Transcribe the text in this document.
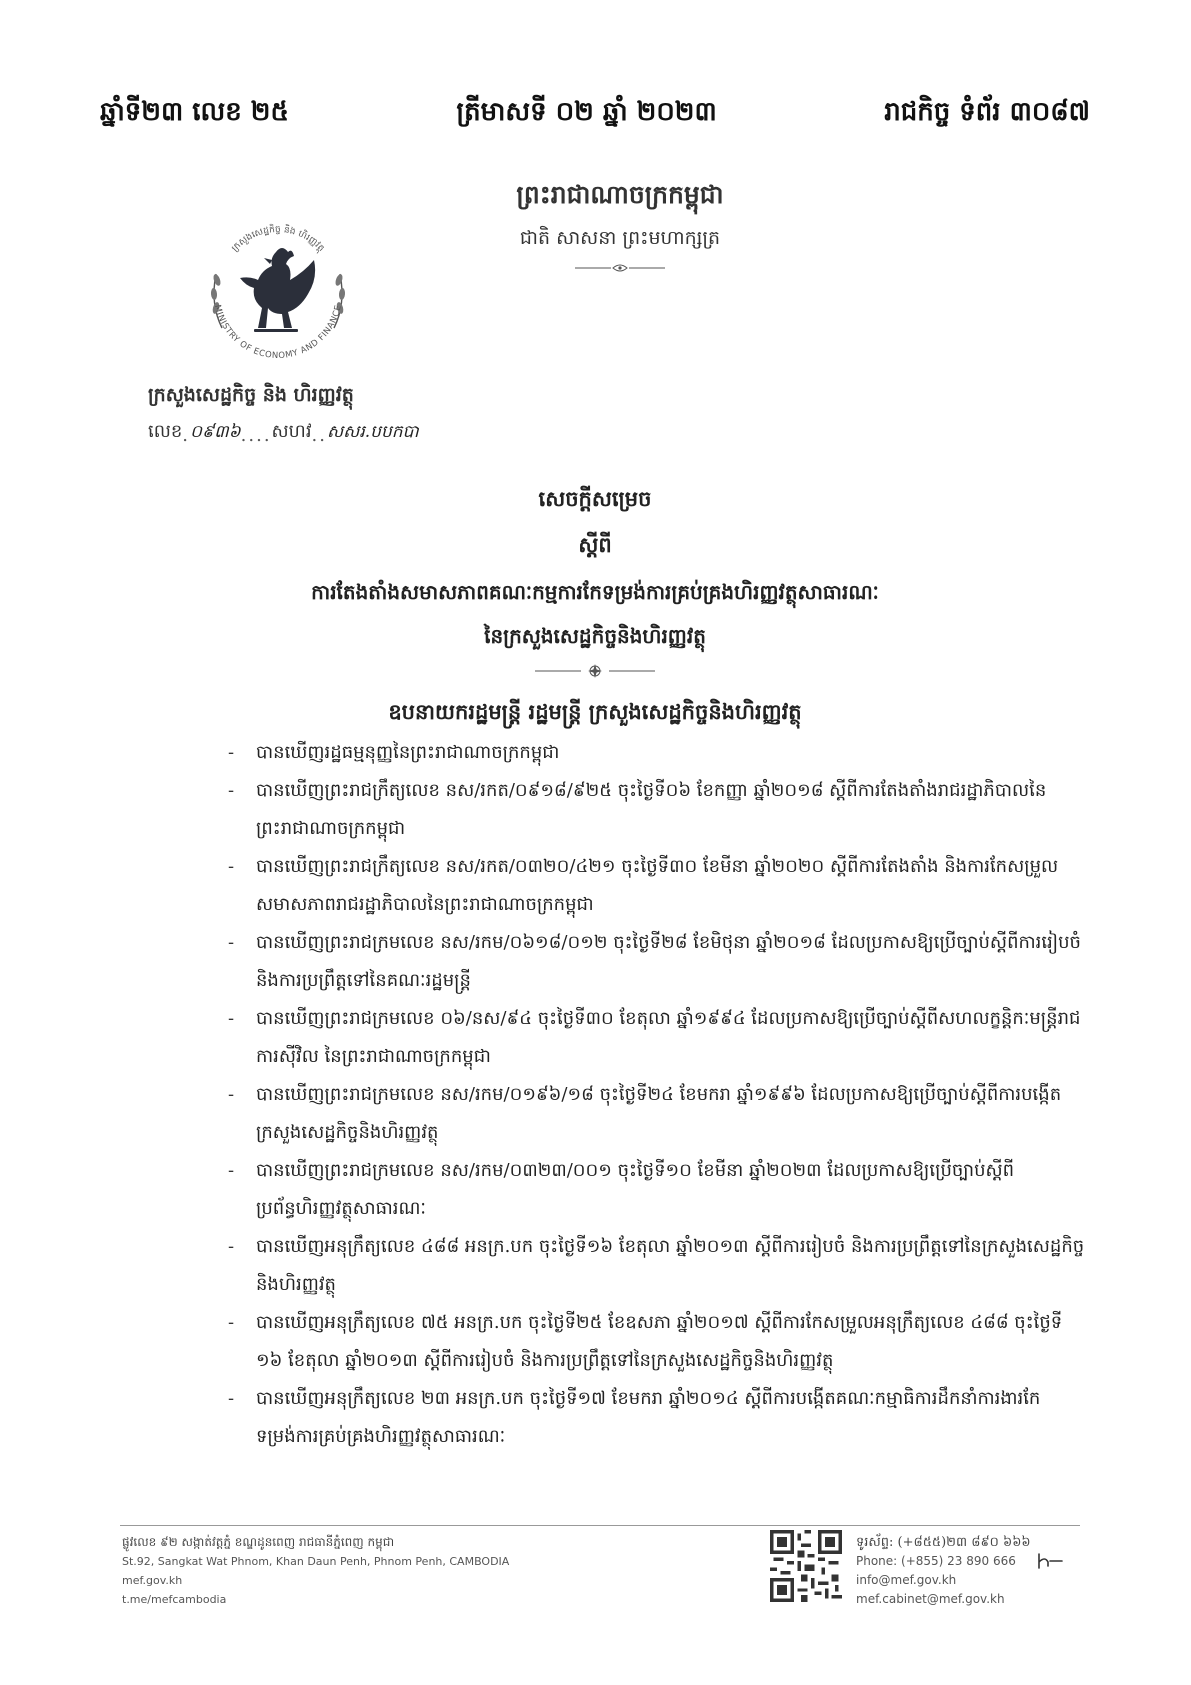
ឆ្នាំទី២៣ លេខ ២៥	ត្រីមាសទី ០២ ឆ្នាំ ២០២៣	រាជកិច្ច ទំព័រ ៣០៨៧
ព្រះរាជាណាចក្រកម្ពុជា
ជាតិ សាសនា ព្រះមហាក្សត្រ
MINISTRY OF ECONOMY AND FINANCE
ក្រសួងសេដ្ឋកិច្ច និង ហិរញ្ញវត្ថុ
ក្រសួងសេដ្ឋកិច្ច និង ហិរញ្ញវត្ថុ
លេខ . ០៩៣៦ .... សហវ .. សសរ.បបកបា
សេចក្តីសម្រេច
ស្តីពី
ការតែងតាំងសមាសភាពគណៈកម្មការកែទម្រង់ការគ្រប់គ្រងហិរញ្ញវត្ថុសាធារណៈ
នៃក្រសួងសេដ្ឋកិច្ចនិងហិរញ្ញវត្ថុ
ឧបនាយករដ្ឋមន្ត្រី រដ្ឋមន្ត្រី ក្រសួងសេដ្ឋកិច្ចនិងហិរញ្ញវត្ថុ
- បានឃើញរដ្ឋធម្មនុញ្ញនៃព្រះរាជាណាចក្រកម្ពុជា
- បានឃើញព្រះរាជក្រឹត្យលេខ នស/រកត/០៩១៨/៩២៥ ចុះថ្ងៃទី០៦ ខែកញ្ញា ឆ្នាំ២០១៨ ស្តីពីការតែងតាំងរាជរដ្ឋាភិបាលនៃព្រះរាជាណាចក្រកម្ពុជា
- បានឃើញព្រះរាជក្រឹត្យលេខ នស/រកត/០៣២០/៤២១ ចុះថ្ងៃទី៣០ ខែមីនា ឆ្នាំ២០២០ ស្តីពីការតែងតាំង និងការកែសម្រួលសមាសភាពរាជរដ្ឋាភិបាលនៃព្រះរាជាណាចក្រកម្ពុជា
- បានឃើញព្រះរាជក្រមលេខ នស/រកម/០៦១៨/០១២ ចុះថ្ងៃទី២៨ ខែមិថុនា ឆ្នាំ២០១៨ ដែលប្រកាសឱ្យប្រើច្បាប់ស្តីពីការរៀបចំ និងការប្រព្រឹត្តទៅនៃគណៈរដ្ឋមន្ត្រី
- បានឃើញព្រះរាជក្រមលេខ ០៦/នស/៩៤ ចុះថ្ងៃទី៣០ ខែតុលា ឆ្នាំ១៩៩៤ ដែលប្រកាសឱ្យប្រើច្បាប់ស្តីពីសហលក្ខន្តិកៈមន្ត្រីរាជការស៊ីវិល នៃព្រះរាជាណាចក្រកម្ពុជា
- បានឃើញព្រះរាជក្រមលេខ នស/រកម/០១៩៦/១៨ ចុះថ្ងៃទី២៤ ខែមករា ឆ្នាំ១៩៩៦ ដែលប្រកាសឱ្យប្រើច្បាប់ស្តីពីការបង្កើតក្រសួងសេដ្ឋកិច្ចនិងហិរញ្ញវត្ថុ
- បានឃើញព្រះរាជក្រមលេខ នស/រកម/០៣២៣/០០១ ចុះថ្ងៃទី១០ ខែមីនា ឆ្នាំ២០២៣ ដែលប្រកាសឱ្យប្រើច្បាប់ស្តីពីប្រព័ន្ធហិរញ្ញវត្ថុសាធារណៈ
- បានឃើញអនុក្រឹត្យលេខ ៤៨៨ អនក្រ.បក ចុះថ្ងៃទី១៦ ខែតុលា ឆ្នាំ២០១៣ ស្តីពីការរៀបចំ និងការប្រព្រឹត្តទៅនៃក្រសួងសេដ្ឋកិច្ចនិងហិរញ្ញវត្ថុ
- បានឃើញអនុក្រឹត្យលេខ ៧៥ អនក្រ.បក ចុះថ្ងៃទី២៥ ខែឧសភា ឆ្នាំ២០១៧ ស្តីពីការកែសម្រួលអនុក្រឹត្យលេខ ៤៨៨ ចុះថ្ងៃទី ១៦ ខែតុលា ឆ្នាំ២០១៣ ស្តីពីការរៀបចំ និងការប្រព្រឹត្តទៅនៃក្រសួងសេដ្ឋកិច្ចនិងហិរញ្ញវត្ថុ
- បានឃើញអនុក្រឹត្យលេខ ២៣ អនក្រ.បក ចុះថ្ងៃទី១៧ ខែមករា ឆ្នាំ២០១៤ ស្តីពីការបង្កើតគណៈកម្មាធិការដឹកនាំការងារកែទម្រង់ការគ្រប់គ្រងហិរញ្ញវត្ថុសាធារណៈ
ផ្លូវលេខ ៩២ សង្កាត់វត្តភ្នំ ខណ្ឌដូនពេញ រាជធានីភ្នំពេញ កម្ពុជា
St.92, Sangkat Wat Phnom, Khan Daun Penh, Phnom Penh, CAMBODIA
mef.gov.kh
t.me/mefcambodia
ទូរស័ព្ទ: (+៨៥៥)២៣ ៨៩០ ៦៦៦
Phone: (+855) 23 890 666
info@mef.gov.kh
mef.cabinet@mef.gov.kh
